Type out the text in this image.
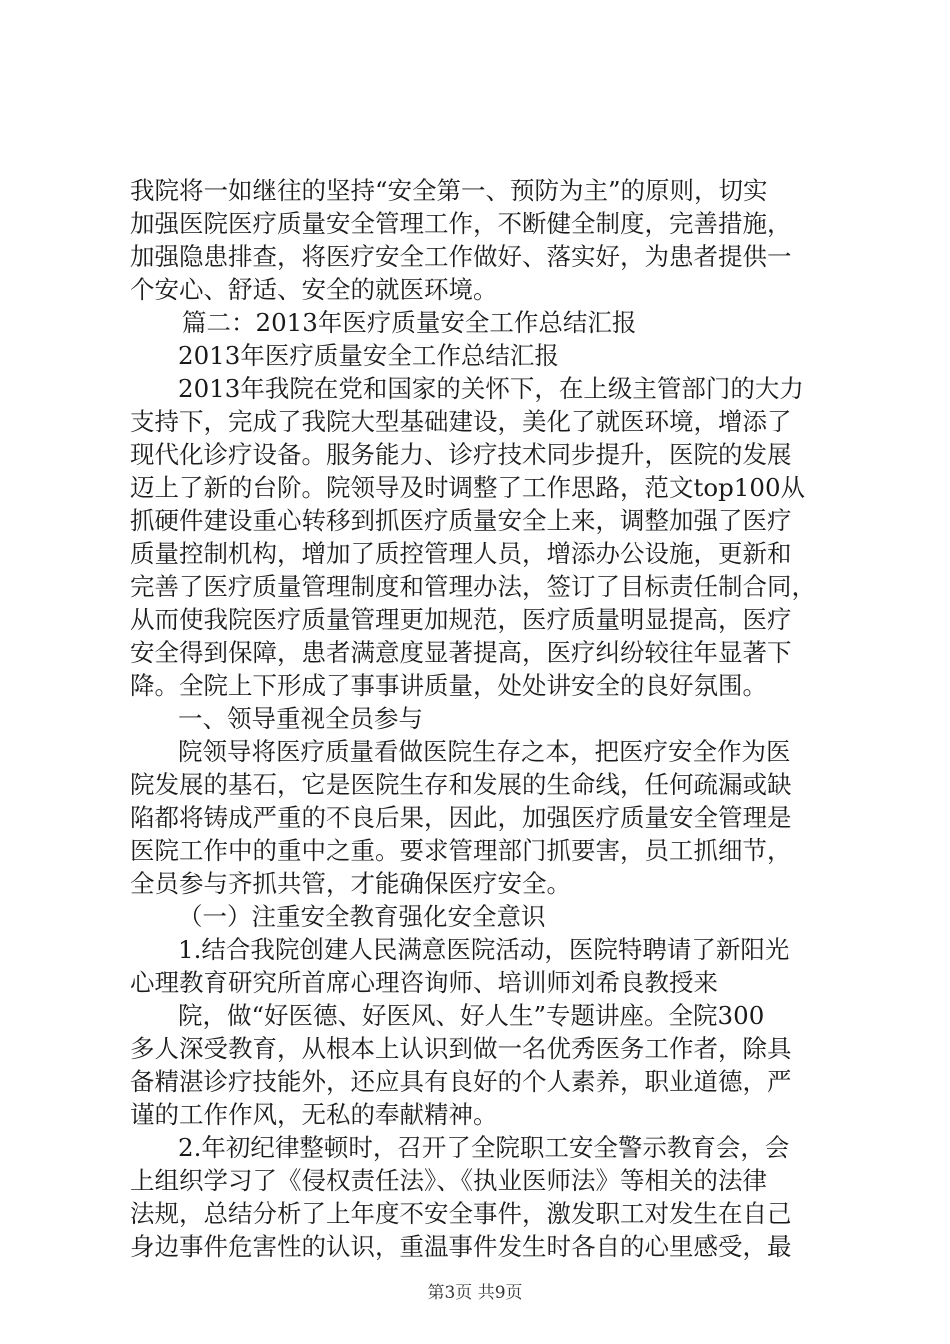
我院将一如继往的坚持“安全第一、预防为主”的原则，切实
加强医院医疗质量安全管理工作，不断健全制度，完善措施，
加强隐患排查，将医疗安全工作做好、落实好，为患者提供一
个安心、舒适、安全的就医环境。
篇二：2013年医疗质量安全工作总结汇报
2013年医疗质量安全工作总结汇报
2013年我院在党和国家的关怀下，在上级主管部门的大力
支持下，完成了我院大型基础建设，美化了就医环境，增添了
现代化诊疗设备。服务能力、诊疗技术同步提升，医院的发展
迈上了新的台阶。院领导及时调整了工作思路，范文top100从
抓硬件建设重心转移到抓医疗质量安全上来，调整加强了医疗
质量控制机构，增加了质控管理人员，增添办公设施，更新和
完善了医疗质量管理制度和管理办法，签订了目标责任制合同，
从而使我院医疗质量管理更加规范，医疗质量明显提高，医疗
安全得到保障，患者满意度显著提高，医疗纠纷较往年显著下
降。全院上下形成了事事讲质量，处处讲安全的良好氛围。
一、领导重视全员参与
院领导将医疗质量看做医院生存之本，把医疗安全作为医
院发展的基石，它是医院生存和发展的生命线，任何疏漏或缺
陷都将铸成严重的不良后果，因此，加强医疗质量安全管理是
医院工作中的重中之重。要求管理部门抓要害，员工抓细节，
全员参与齐抓共管，才能确保医疗安全。
（一）注重安全教育强化安全意识
1.结合我院创建人民满意医院活动，医院特聘请了新阳光
心理教育研究所首席心理咨询师、培训师刘希良教授来
院，做“好医德、好医风、好人生”专题讲座。全院300
多人深受教育，从根本上认识到做一名优秀医务工作者，除具
备精湛诊疗技能外，还应具有良好的个人素养，职业道德，严
谨的工作作风，无私的奉献精神。
2.年初纪律整顿时，召开了全院职工安全警示教育会，会
上组织学习了《侵权责任法》、《执业医师法》等相关的法律
法规，总结分析了上年度不安全事件，激发职工对发生在自己
身边事件危害性的认识，重温事件发生时各自的心里感受，最
第3页 共9页
